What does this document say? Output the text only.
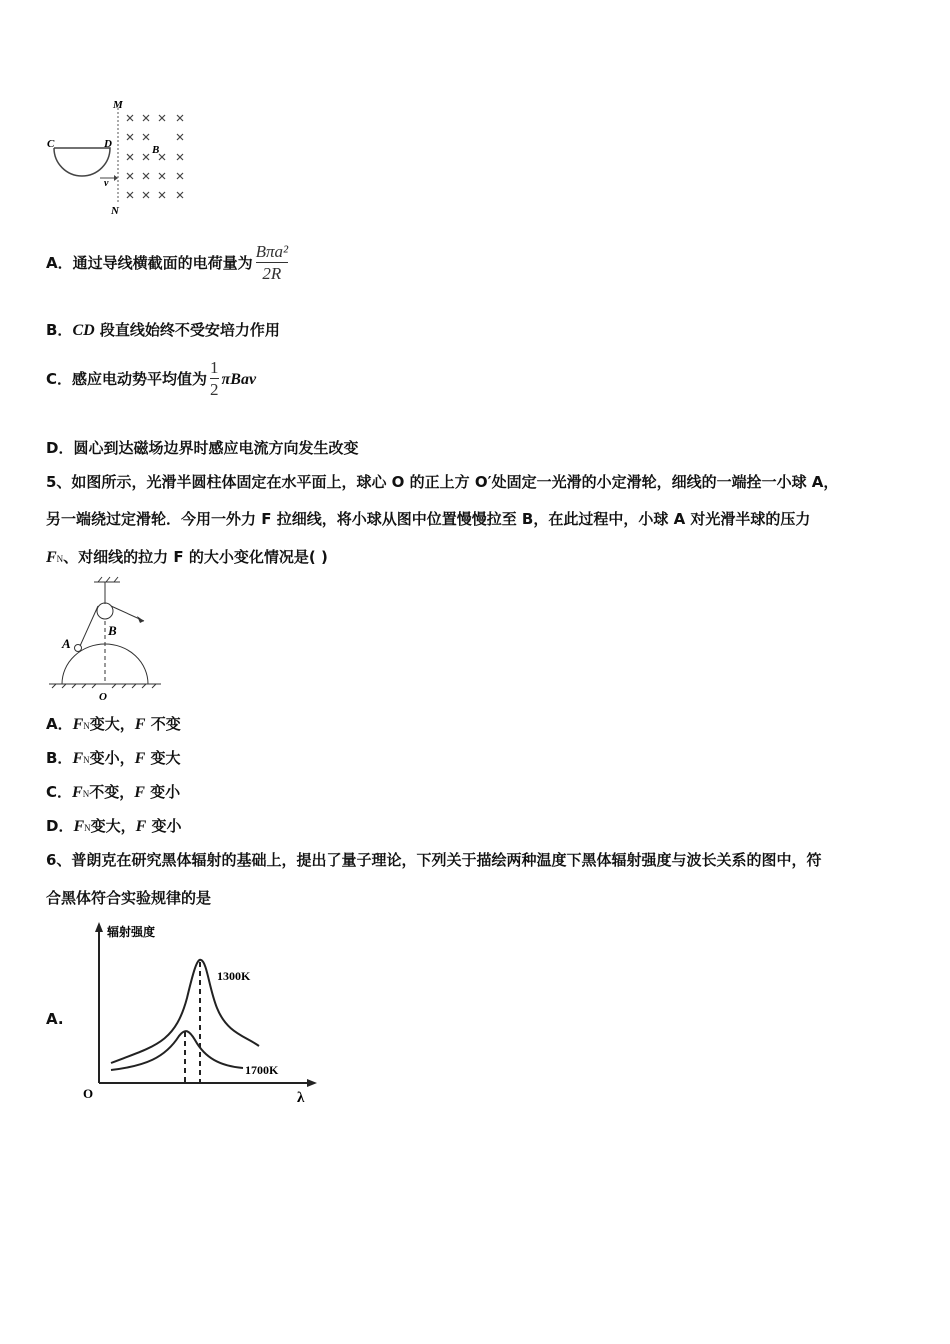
M
N
C	D	B
v
A．通过导线横截面的电荷量为 $\frac{\text{Bπa²}}{2R}$
B．CD 段直线始终不受安培力作用
C．感应电动势平均值为 $\frac{1}{2}$ πBav
D．圆心到达磁场边界时感应电流方向发生改变
5、如图所示，光滑半圆柱体固定在水平面上，球心 O 的正上方 O′处固定一光滑的小定滑轮，细线的一端拴一小球 A，
另一端绕过定滑轮．今用一外力 F 拉细线，将小球从图中位置慢慢拉至 B，在此过程中，小球 A 对光滑半球的压力
FN、对细线的拉力 F 的大小变化情况是( )
A
B
O
A．FN变大，F 不变
B．FN变小，F 变大
C．FN不变，F 变小
D．FN变大，F 变小
6、普朗克在研究黑体辐射的基础上，提出了量子理论，下列关于描绘两种温度下黑体辐射强度与波长关系的图中，符
合黑体符合实验规律的是
A.
辐射强度
O	λ
1300K
1700K
